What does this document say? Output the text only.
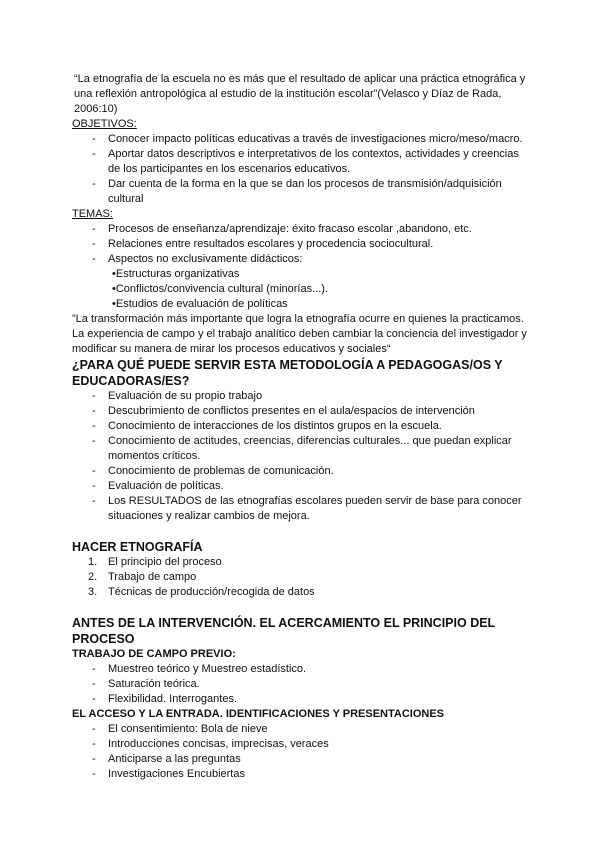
“La etnografía de la escuela no es más que el resultado de aplicar una práctica etnográfica y una reflexión antropológica al estudio de la institución escolar”(Velasco y Díaz de Rada, 2006:10)

OBJETIVOS:

- Conocer impacto políticas educativas a través de investigaciones micro/meso/macro.
- Aportar datos descriptivos e interpretativos de los contextos, actividades y creencias de los participantes en los escenarios educativos.
- Dar cuenta de la forma en la que se dan los procesos de transmisión/adquisición cultural

TEMAS:

- Procesos de enseñanza/aprendizaje: éxito fracaso escolar ,abandono, etc.
- Relaciones entre resultados escolares y procedencia sociocultural.
- Aspectos no exclusivamente didácticos:
•Estructuras organizativas
•Conflictos/convivencia cultural (minorías...).
•Estudios de evaluación de políticas

”La transformación más importante que logra la etnografía ocurre en quienes la practicamos. La experiencia de campo y el trabajo analítico deben cambiar la conciencia del investigador y modificar su manera de mirar los procesos educativos y sociales“

¿PARA QUÉ PUEDE SERVIR ESTA METODOLOGÍA A PEDAGOGAS/OS Y EDUCADORAS/ES?

- Evaluación de su propio trabajo
- Descubrimiento de conflictos presentes en el aula/espacios de intervención
- Conocimiento de interacciones de los distintos grupos en la escuela.
- Conocimiento de actitudes, creencias, diferencias culturales... que puedan explicar momentos críticos.
- Conocimiento de problemas de comunicación.
- Evaluación de políticas.
- Los RESULTADOS de las etnografías escolares pueden servir de base para conocer situaciones y realizar cambios de mejora.

HACER ETNOGRAFÍA

1. El principio del proceso
2. Trabajo de campo
3. Técnicas de producción/recogida de datos

ANTES DE LA INTERVENCIÓN. EL ACERCAMIENTO EL PRINCIPIO DEL PROCESO

TRABAJO DE CAMPO PREVIO:

- Muestreo teórico y Muestreo estadístico.
- Saturación teórica.
- Flexibilidad. Interrogantes.

EL ACCESO Y LA ENTRADA. IDENTIFICACIONES Y PRESENTACIONES

- El consentimiento: Bola de nieve
- Introducciones concisas, imprecisas, veraces
- Anticiparse a las preguntas
- Investigaciones Encubiertas
